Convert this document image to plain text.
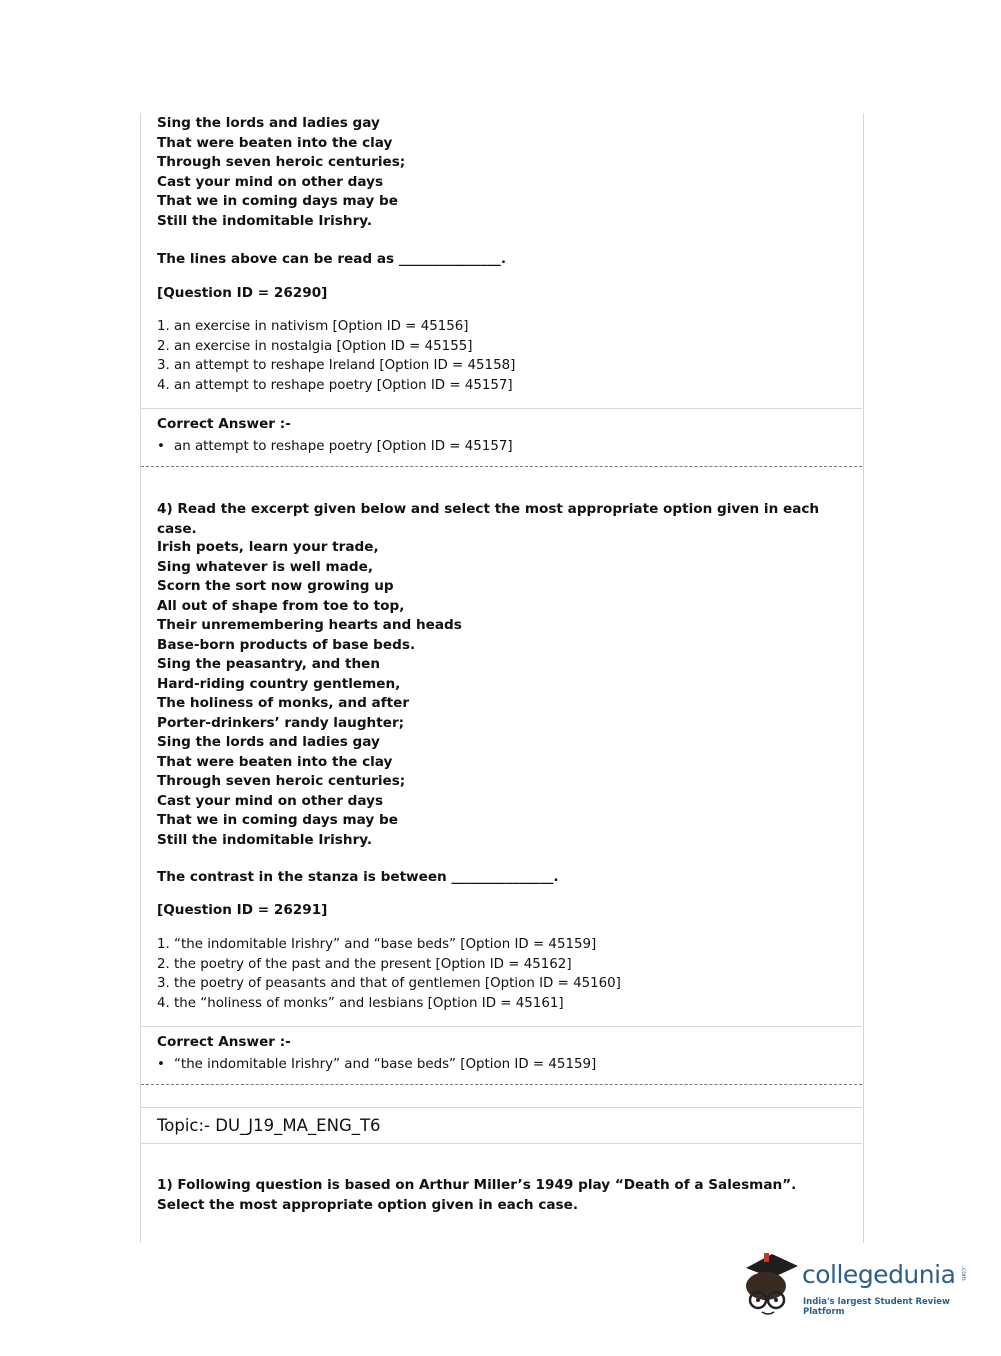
Sing the lords and ladies gay
That were beaten into the clay
Through seven heroic centuries;
Cast your mind on other days
That we in coming days may be
Still the indomitable Irishry.
The lines above can be read as _______________.
[Question ID = 26290]
1. an exercise in nativism [Option ID = 45156]
2. an exercise in nostalgia [Option ID = 45155]
3. an attempt to reshape Ireland [Option ID = 45158]
4. an attempt to reshape poetry [Option ID = 45157]
Correct Answer :-
• an attempt to reshape poetry [Option ID = 45157]
4) Read the excerpt given below and select the most appropriate option given in each case.
Irish poets, learn your trade,
Sing whatever is well made,
Scorn the sort now growing up
All out of shape from toe to top,
Their unremembering hearts and heads
Base-born products of base beds.
Sing the peasantry, and then
Hard-riding country gentlemen,
The holiness of monks, and after
Porter-drinkers’ randy laughter;
Sing the lords and ladies gay
That were beaten into the clay
Through seven heroic centuries;
Cast your mind on other days
That we in coming days may be
Still the indomitable Irishry.
The contrast in the stanza is between _______________.
[Question ID = 26291]
1. “the indomitable Irishry” and “base beds” [Option ID = 45159]
2. the poetry of the past and the present [Option ID = 45162]
3. the poetry of peasants and that of gentlemen [Option ID = 45160]
4. the “holiness of monks” and lesbians [Option ID = 45161]
Correct Answer :-
• “the indomitable Irishry” and “base beds” [Option ID = 45159]
Topic:- DU_J19_MA_ENG_T6
1) Following question is based on Arthur Miller’s 1949 play “Death of a Salesman”. Select the most appropriate option given in each case.
collegedunia .com
India's largest Student Review Platform
